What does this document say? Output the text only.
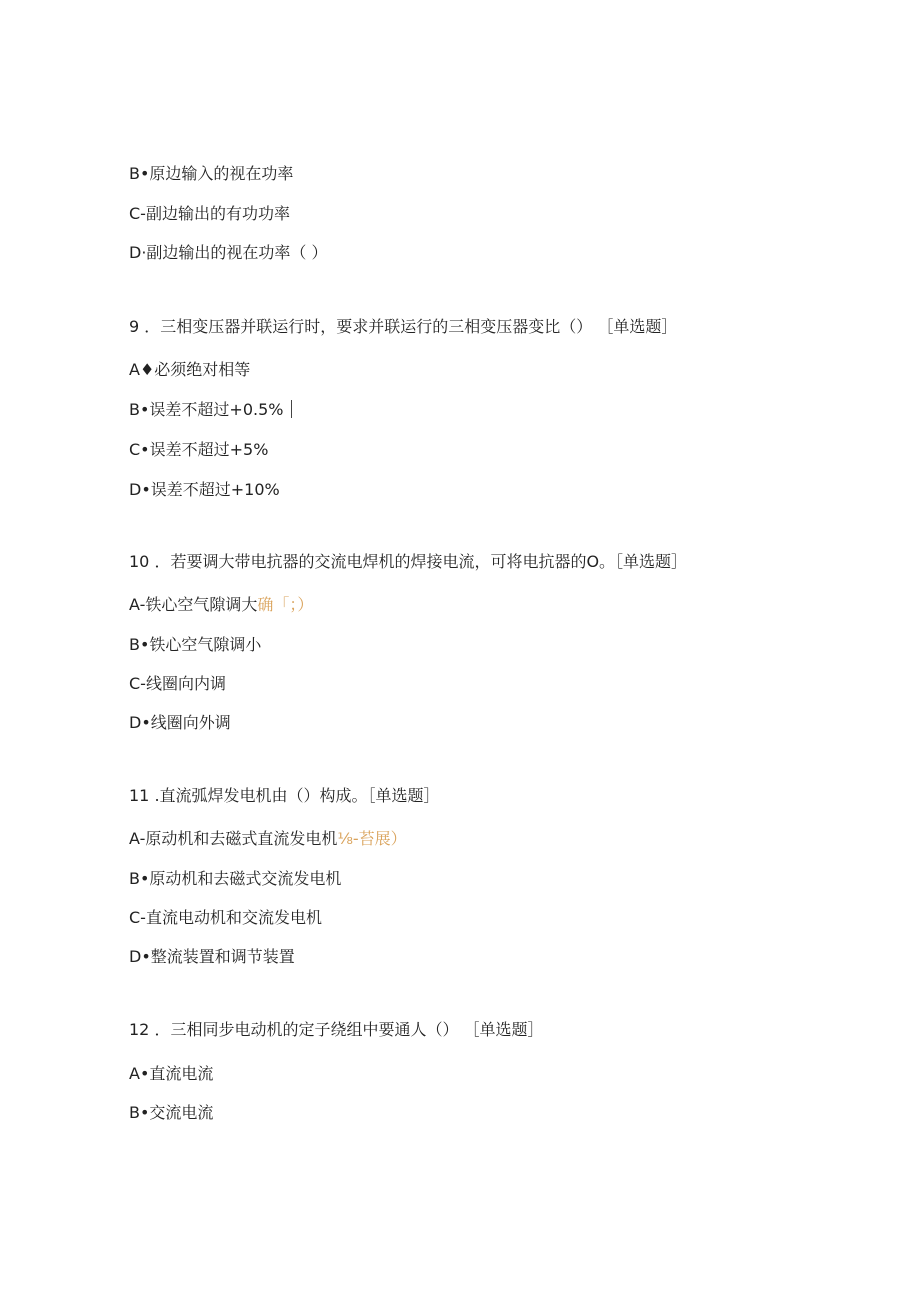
B•原边输入的视在功率
C-副边输出的有功功率
D·副边输出的视在功率（ ）
9 ．三相变压器并联运行时，要求并联运行的三相变压器变比（） ［单选题］
A♦必须绝对相等
B•误差不超过+0.5%
C•误差不超过+5%
D•误差不超过+10%
10 ．若要调大带电抗器的交流电焊机的焊接电流，可将电抗器的O。［单选题］
A-铁心空气隙调大确「；）
B•铁心空气隙调小
C-线圈向内调
D•线圈向外调
11 .直流弧焊发电机由（）构成。［单选题］
A-原动机和去磁式直流发电机⅛-苔展）
B•原动机和去磁式交流发电机
C-直流电动机和交流发电机
D•整流装置和调节装置
12 ．三相同步电动机的定子绕组中要通人（） ［单选题］
A•直流电流
B•交流电流
